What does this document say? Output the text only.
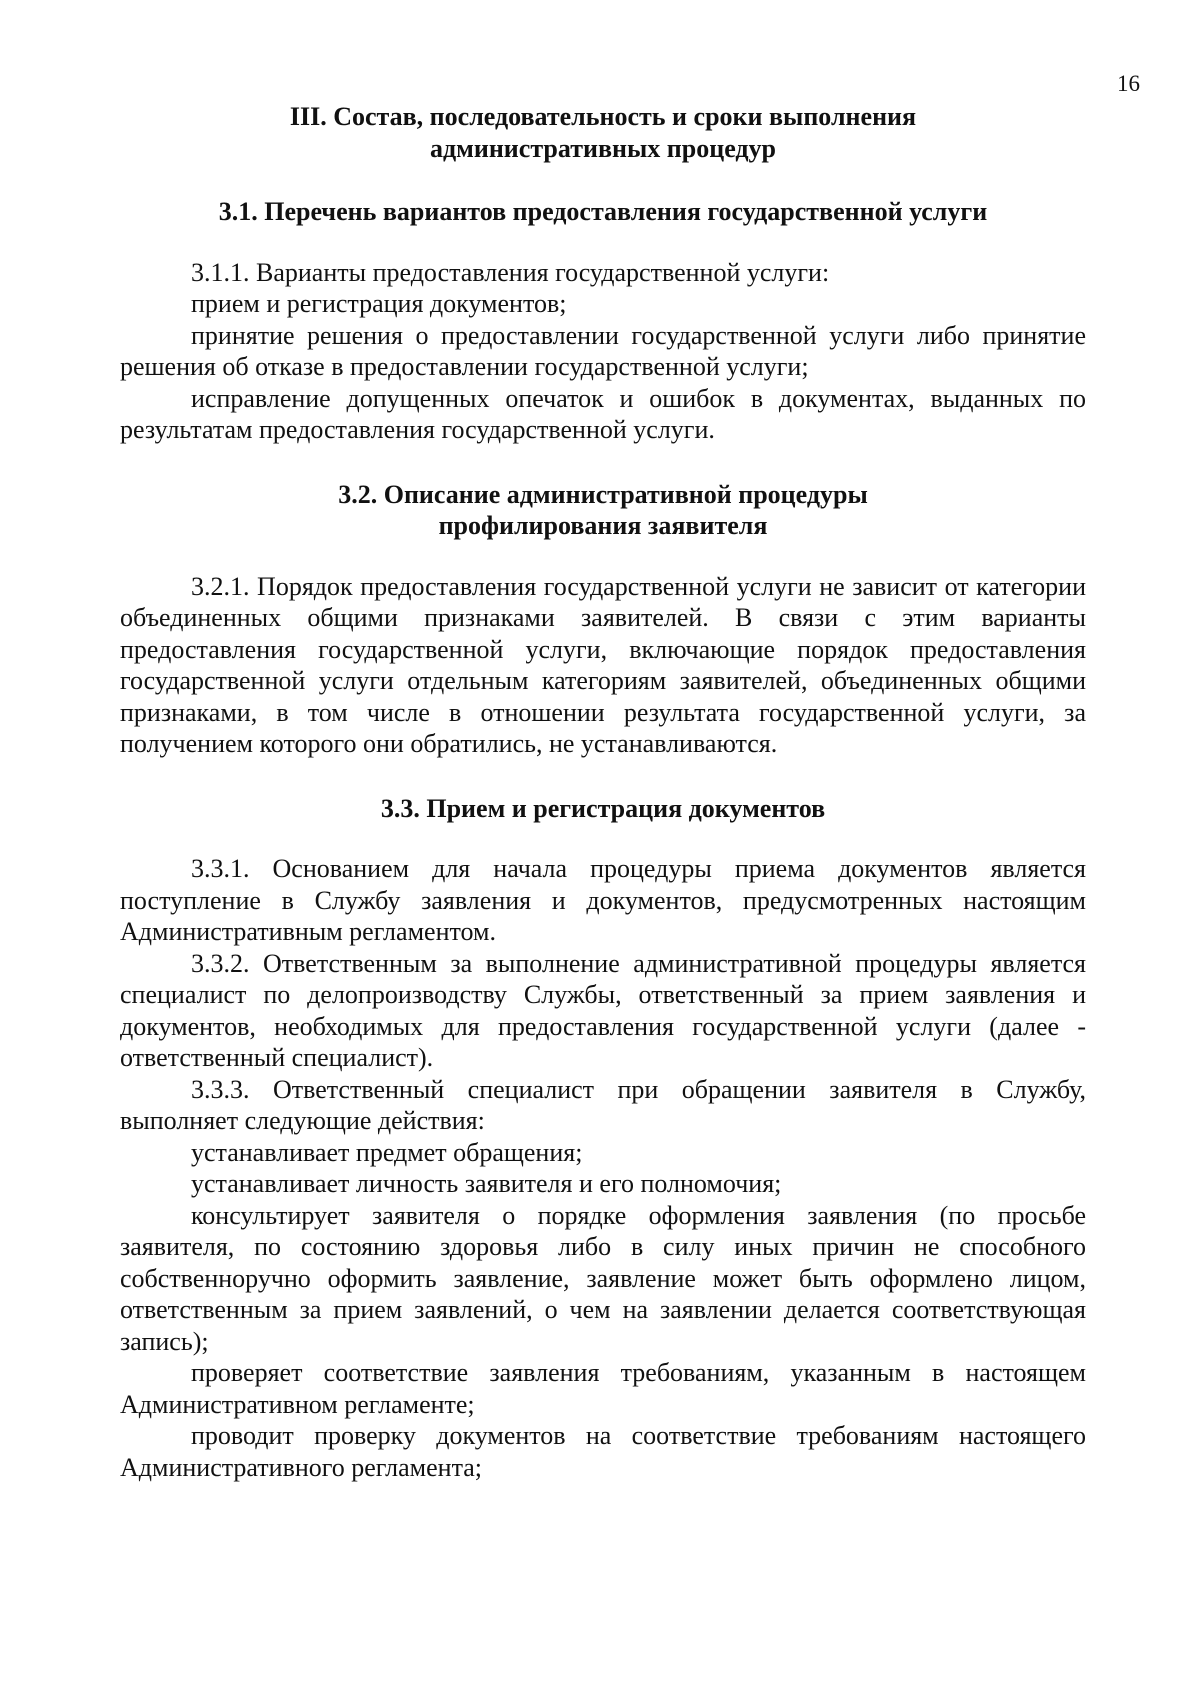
16
III. Состав, последовательность и сроки выполнения
административных процедур
3.1. Перечень вариантов предоставления государственной услуги

3.1.1. Варианты предоставления государственной услуги:

прием и регистрация документов;

принятие решения о предоставлении государственной услуги либо принятие решения об отказе в предоставлении государственной услуги;

исправление допущенных опечаток и ошибок в документах, выданных по результатам предоставления государственной услуги.

3.2. Описание административной процедуры
профилирования заявителя

3.2.1. Порядок предоставления государственной услуги не зависит от категории объединенных общими признаками заявителей. В связи с этим варианты предоставления государственной услуги, включающие порядок предоставления государственной услуги отдельным категориям заявителей, объединенных общими признаками, в том числе в отношении результата государственной услуги, за получением которого они обратились, не устанавливаются.

3.3. Прием и регистрация документов

3.3.1. Основанием для начала процедуры приема документов является поступление в Службу заявления и документов, предусмотренных настоящим Административным регламентом.

3.3.2. Ответственным за выполнение административной процедуры является специалист по делопроизводству Службы, ответственный за прием заявления и документов, необходимых для предоставления государственной услуги (далее - ответственный специалист).

3.3.3. Ответственный специалист при обращении заявителя в Службу, выполняет следующие действия:

устанавливает предмет обращения;

устанавливает личность заявителя и его полномочия;

консультирует заявителя о порядке оформления заявления (по просьбе заявителя, по состоянию здоровья либо в силу иных причин не способного собственноручно оформить заявление, заявление может быть оформлено лицом, ответственным за прием заявлений, о чем на заявлении делается соответствующая запись);

проверяет соответствие заявления требованиям, указанным в настоящем Административном регламенте;

проводит проверку документов на соответствие требованиям настоящего Административного регламента;
